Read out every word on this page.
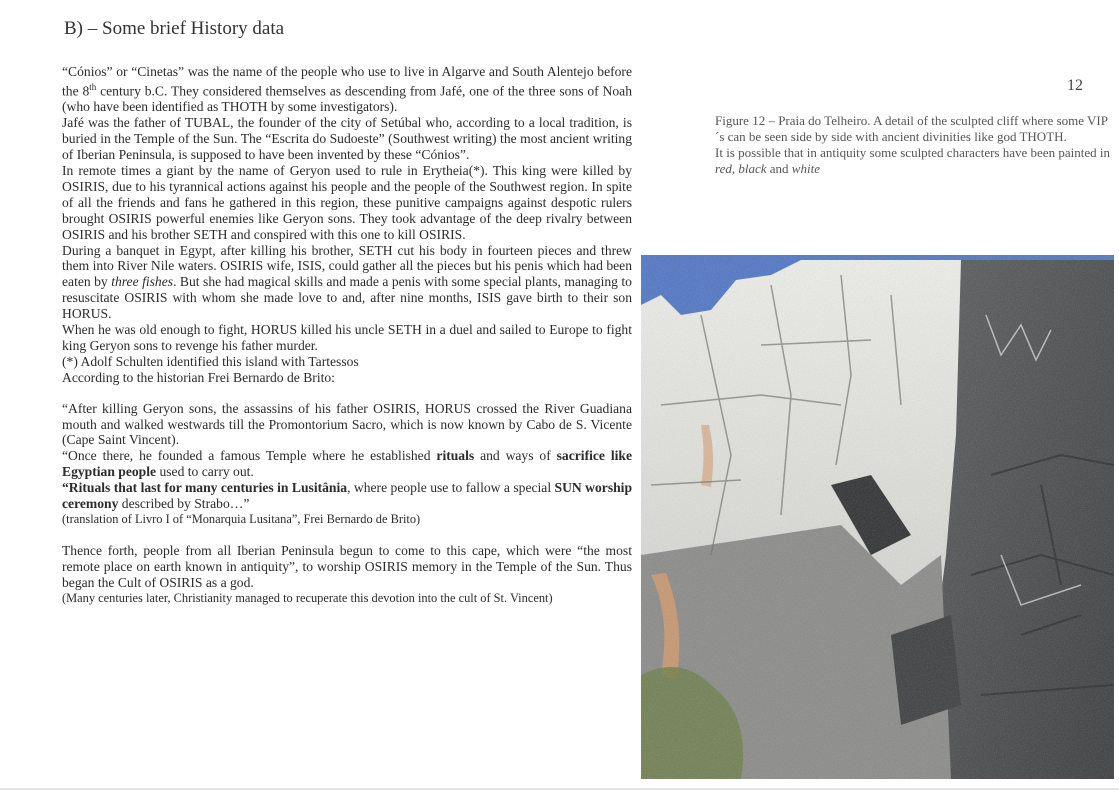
B) – Some brief History data
12

“Cónios” or “Cinetas” was the name of the people who use to live in Algarve and South Alentejo before the 8th century b.C. They considered themselves as descending from Jafé, one of the three sons of Noah (who have been identified as THOTH by some investigators).

Jafé was the father of TUBAL, the founder of the city of Setúbal who, according to a local tradition, is buried in the Temple of the Sun. The “Escrita do Sudoeste” (Southwest writing) the most ancient writing of Iberian Peninsula, is supposed to have been invented by these “Cónios”.

In remote times a giant by the name of Geryon used to rule in Erytheia(*). This king were killed by OSIRIS, due to his tyrannical actions against his people and the people of the Southwest region. In spite of all the friends and fans he gathered in this region, these punitive campaigns against despotic rulers brought OSIRIS powerful enemies like Geryon sons. They took advantage of the deep rivalry between OSIRIS and his brother SETH and conspired with this one to kill OSIRIS.

During a banquet in Egypt, after killing his brother, SETH cut his body in fourteen pieces and threw them into River Nile waters. OSIRIS wife, ISIS, could gather all the pieces but his penis which had been eaten by three fishes. But she had magical skills and made a penis with some special plants, managing to resuscitate OSIRIS with whom she made love to and, after nine months, ISIS gave birth to their son HORUS.

When he was old enough to fight, HORUS killed his uncle SETH in a duel and sailed to Europe to fight king Geryon sons to revenge his father murder.

(*) Adolf Schulten identified this island with Tartessos

According to the historian Frei Bernardo de Brito:

“After killing Geryon sons, the assassins of his father OSIRIS, HORUS crossed the River Guadiana mouth and walked westwards till the Promontorium Sacro, which is now known by Cabo de S. Vicente (Cape Saint Vincent).

“Once there, he founded a famous Temple where he established rituals and ways of sacrifice like Egyptian people used to carry out.

“Rituals that last for many centuries in Lusitânia, where people use to fallow a special SUN worship ceremony described by Strabo…”

(translation of Livro I of “Monarquia Lusitana”, Frei Bernardo de Brito)

Thence forth, people from all Iberian Peninsula begun to come to this cape, which were “the most remote place on earth known in antiquity”, to worship OSIRIS memory in the Temple of the Sun. Thus began the Cult of OSIRIS as a god.

(Many centuries later, Christianity managed to recuperate this devotion into the cult of St. Vincent)

Figure 12 – Praia do Telheiro. A detail of the sculpted cliff where some VIP´s can be seen side by side with ancient divinities like god THOTH.

It is possible that in antiquity some sculpted characters have been painted in red, black and white
